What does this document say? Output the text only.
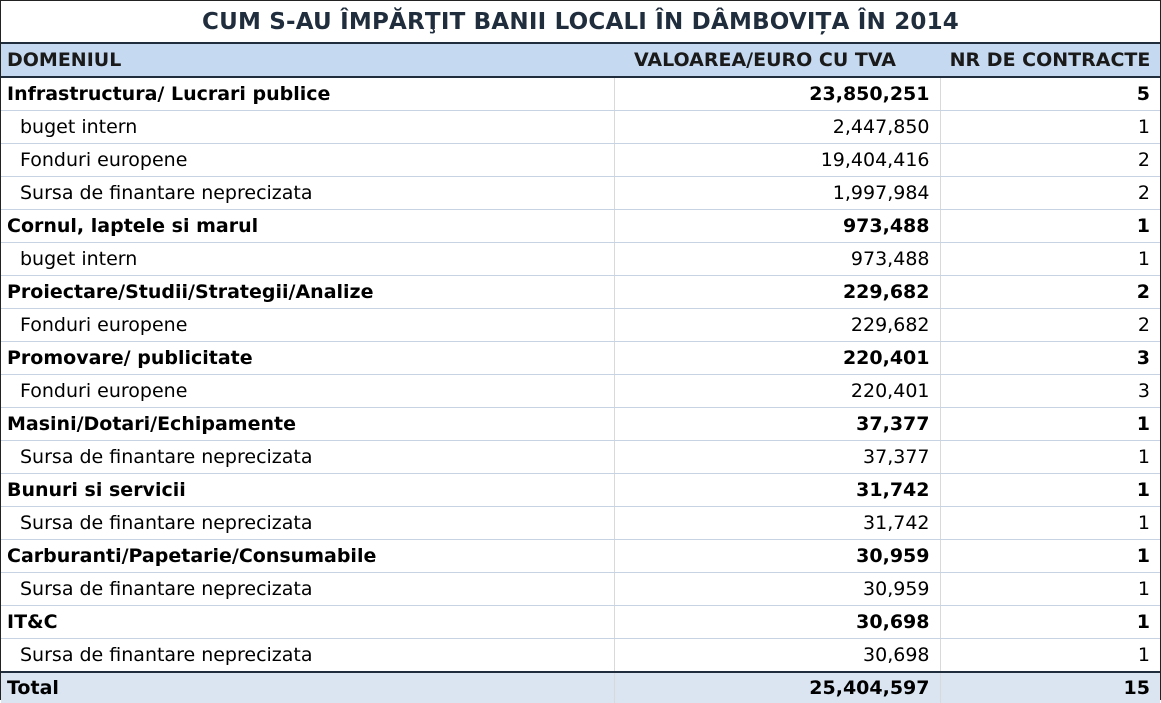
CUM S-AU ÎMPĂRŢIT BANII LOCALI ÎN DÂMBOVIȚA ÎN 2014
DOMENIUL	VALOAREA/EURO CU TVA	NR DE CONTRACTE
Infrastructura/ Lucrari publice	23,850,251	5
buget intern	2,447,850	1
Fonduri europene	19,404,416	2
Sursa de finantare neprecizata	1,997,984	2
Cornul, laptele si marul	973,488	1
buget intern	973,488	1
Proiectare/Studii/Strategii/Analize	229,682	2
Fonduri europene	229,682	2
Promovare/ publicitate	220,401	3
Fonduri europene	220,401	3
Masini/Dotari/Echipamente	37,377	1
Sursa de finantare neprecizata	37,377	1
Bunuri si servicii	31,742	1
Sursa de finantare neprecizata	31,742	1
Carburanti/Papetarie/Consumabile	30,959	1
Sursa de finantare neprecizata	30,959	1
IT&C	30,698	1
Sursa de finantare neprecizata	30,698	1
Total	25,404,597	15
